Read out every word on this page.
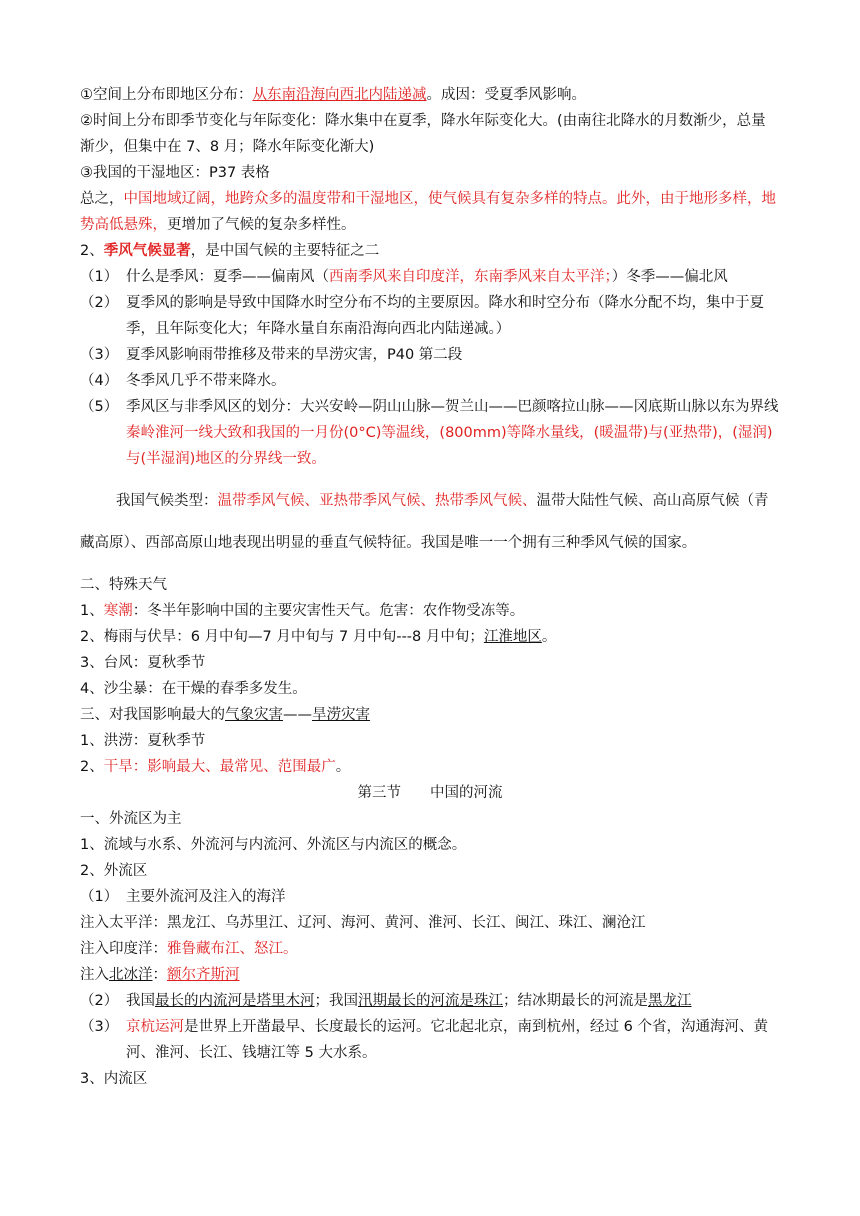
①空间上分布即地区分布：从东南沿海向西北内陆递减。成因：受夏季风影响。
②时间上分布即季节变化与年际变化：降水集中在夏季，降水年际变化大。(由南往北降水的月数渐少，总量渐少，但集中在 7、8 月；降水年际变化渐大)
③我国的干湿地区：P37 表格
总之，中国地域辽阔，地跨众多的温度带和干湿地区，使气候具有复杂多样的特点。此外，由于地形多样，地势高低悬殊，更增加了气候的复杂多样性。
2、季风气候显著，是中国气候的主要特征之二
（1） 什么是季风：夏季——偏南风（西南季风来自印度洋，东南季风来自太平洋；）冬季——偏北风
（2） 夏季风的影响是导致中国降水时空分布不均的主要原因。降水和时空分布（降水分配不均，集中于夏季，且年际变化大；年降水量自东南沿海向西北内陆递减。）
（3） 夏季风影响雨带推移及带来的旱涝灾害，P40 第二段
（4） 冬季风几乎不带来降水。
（5） 季风区与非季风区的划分：大兴安岭—阴山山脉—贺兰山——巴颜喀拉山脉——冈底斯山脉以东为界线
秦岭淮河一线大致和我国的一月份(0°C)等温线，(800mm)等降水量线，(暖温带)与(亚热带)，(湿润)与(半湿润)地区的分界线一致。
我国气候类型：温带季风气候、亚热带季风气候、热带季风气候、温带大陆性气候、高山高原气候（青
藏高原）、西部高原山地表现出明显的垂直气候特征。我国是唯一一个拥有三种季风气候的国家。
二、特殊天气
1、寒潮：冬半年影响中国的主要灾害性天气。危害：农作物受冻等。
2、梅雨与伏旱：6 月中旬—7 月中旬与 7 月中旬---8 月中旬；江淮地区。
3、台风：夏秋季节
4、沙尘暴：在干燥的春季多发生。
三、对我国影响最大的气象灾害——旱涝灾害
1、洪涝：夏秋季节
2、干旱：影响最大、最常见、范围最广。
第三节　　中国的河流
一、外流区为主
1、流域与水系、外流河与内流河、外流区与内流区的概念。
2、外流区
（1） 主要外流河及注入的海洋
注入太平洋：黑龙江、乌苏里江、辽河、海河、黄河、淮河、长江、闽江、珠江、澜沧江
注入印度洋：雅鲁藏布江、怒江。
注入北冰洋：额尔齐斯河
（2） 我国最长的内流河是塔里木河；我国汛期最长的河流是珠江；结冰期最长的河流是黑龙江
（3） 京杭运河是世界上开凿最早、长度最长的运河。它北起北京，南到杭州，经过 6 个省，沟通海河、黄河、淮河、长江、钱塘江等 5 大水系。
3、内流区
